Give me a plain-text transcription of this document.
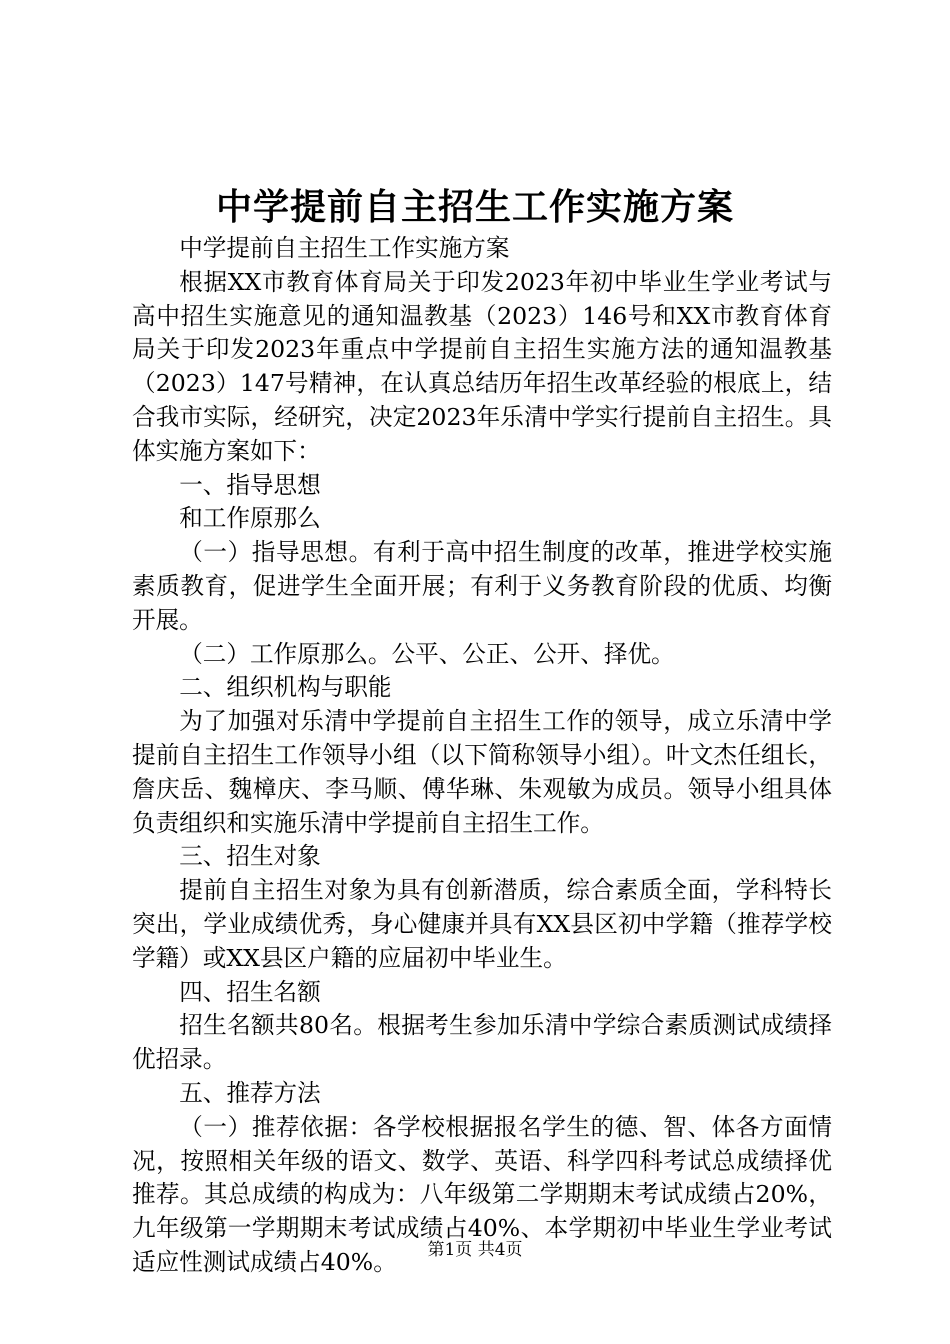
中学提前自主招生工作实施方案

中学提前自主招生工作实施方案

根据XX市教育体育局关于印发2023年初中毕业生学业考试与高中招生实施意见的通知温教基（2023）146号和XX市教育体育局关于印发2023年重点中学提前自主招生实施方法的通知温教基（2023）147号精神，在认真总结历年招生改革经验的根底上，结合我市实际，经研究，决定2023年乐清中学实行提前自主招生。具体实施方案如下：

一、指导思想

和工作原那么

（一）指导思想。有利于高中招生制度的改革，推进学校实施素质教育，促进学生全面开展；有利于义务教育阶段的优质、均衡开展。

（二）工作原那么。公平、公正、公开、择优。

二、组织机构与职能

为了加强对乐清中学提前自主招生工作的领导，成立乐清中学提前自主招生工作领导小组（以下简称领导小组）。叶文杰任组长，詹庆岳、魏樟庆、李马顺、傅华琳、朱观敏为成员。领导小组具体负责组织和实施乐清中学提前自主招生工作。

三、招生对象

提前自主招生对象为具有创新潜质，综合素质全面，学科特长突出，学业成绩优秀，身心健康并具有XX县区初中学籍（推荐学校学籍）或XX县区户籍的应届初中毕业生。

四、招生名额

招生名额共80名。根据考生参加乐清中学综合素质测试成绩择优招录。

五、推荐方法

（一）推荐依据：各学校根据报名学生的德、智、体各方面情况，按照相关年级的语文、数学、英语、科学四科考试总成绩择优推荐。其总成绩的构成为：八年级第二学期期末考试成绩占20%，九年级第一学期期末考试成绩占40%、本学期初中毕业生学业考试适应性测试成绩占40%。	第1页 共4页
